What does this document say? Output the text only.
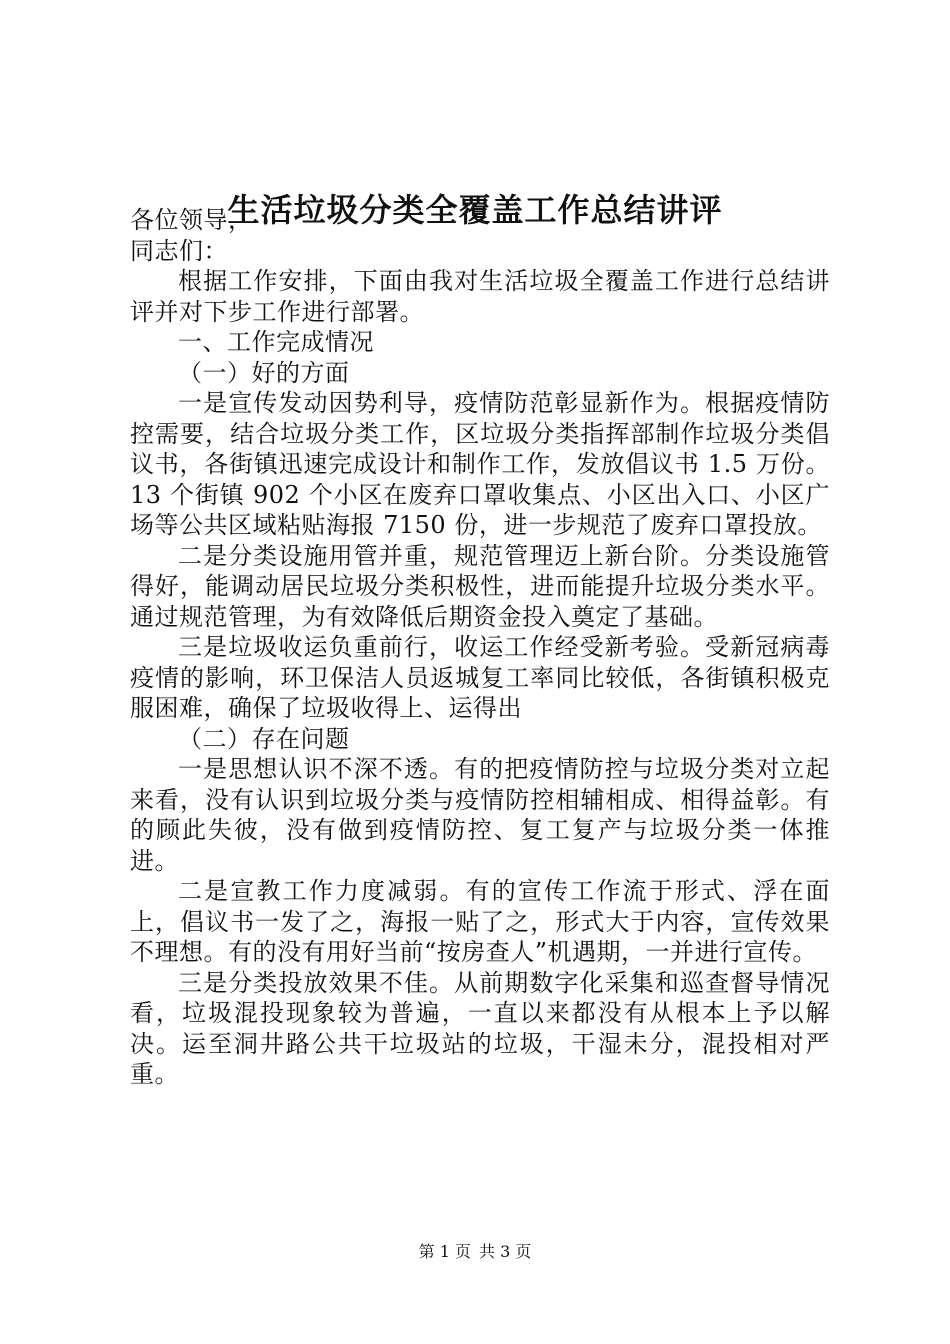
生活垃圾分类全覆盖工作总结讲评

各位领导，

同志们：

根据工作安排，下面由我对生活垃圾全覆盖工作进行总结讲评并对下步工作进行部署。

一、工作完成情况

（一）好的方面

一是宣传发动因势利导，疫情防范彰显新作为。根据疫情防控需要，结合垃圾分类工作，区垃圾分类指挥部制作垃圾分类倡议书，各街镇迅速完成设计和制作工作，发放倡议书 1.5 万份。13 个街镇 902 个小区在废弃口罩收集点、小区出入口、小区广场等公共区域粘贴海报 7150 份，进一步规范了废弃口罩投放。

二是分类设施用管并重，规范管理迈上新台阶。分类设施管得好，能调动居民垃圾分类积极性，进而能提升垃圾分类水平。通过规范管理，为有效降低后期资金投入奠定了基础。

三是垃圾收运负重前行，收运工作经受新考验。受新冠病毒疫情的影响，环卫保洁人员返城复工率同比较低，各街镇积极克服困难，确保了垃圾收得上、运得出

（二）存在问题

一是思想认识不深不透。有的把疫情防控与垃圾分类对立起来看，没有认识到垃圾分类与疫情防控相辅相成、相得益彰。有的顾此失彼，没有做到疫情防控、复工复产与垃圾分类一体推进。

二是宣教工作力度减弱。有的宣传工作流于形式、浮在面上，倡议书一发了之，海报一贴了之，形式大于内容，宣传效果不理想。有的没有用好当前“按房查人”机遇期，一并进行宣传。

三是分类投放效果不佳。从前期数字化采集和巡查督导情况看，垃圾混投现象较为普遍，一直以来都没有从根本上予以解决。运至洞井路公共干垃圾站的垃圾，干湿未分，混投相对严重。

第 1 页 共 3 页
